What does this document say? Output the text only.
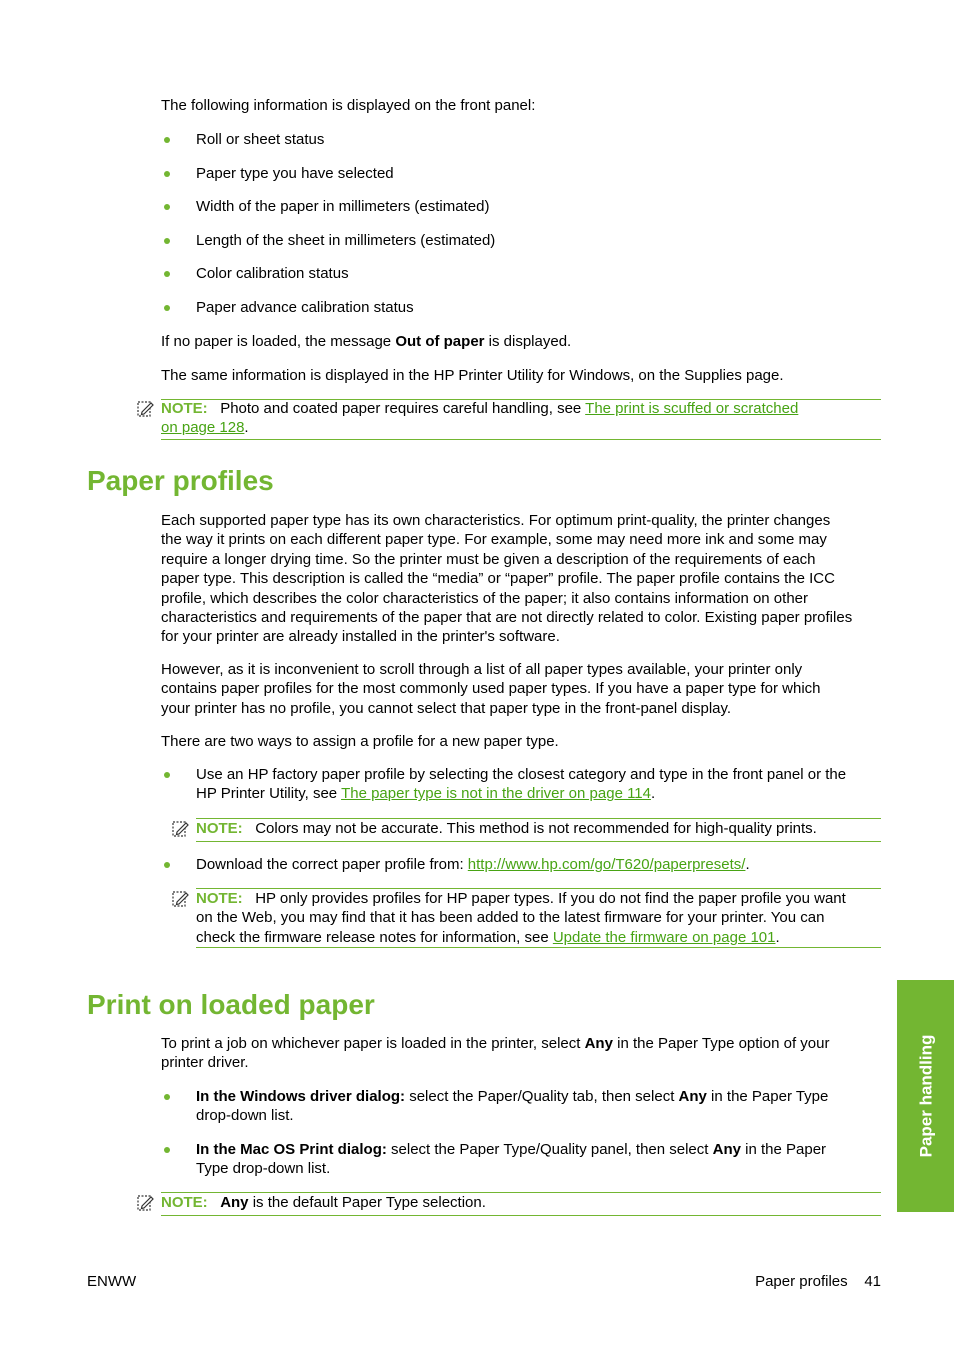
The following information is displayed on the front panel:

Roll or sheet status
Paper type you have selected
Width of the paper in millimeters (estimated)
Length of the sheet in millimeters (estimated)
Color calibration status
Paper advance calibration status

If no paper is loaded, the message Out of paper is displayed.

The same information is displayed in the HP Printer Utility for Windows, on the Supplies page.

NOTE: Photo and coated paper requires careful handling, see The print is scuffed or scratched
on page 128.
Paper profiles
Each supported paper type has its own characteristics. For optimum print-quality, the printer changes
the way it prints on each different paper type. For example, some may need more ink and some may
require a longer drying time. So the printer must be given a description of the requirements of each
paper type. This description is called the “media” or “paper” profile. The paper profile contains the ICC
profile, which describes the color characteristics of the paper; it also contains information on other
characteristics and requirements of the paper that are not directly related to color. Existing paper profiles
for your printer are already installed in the printer's software.
However, as it is inconvenient to scroll through a list of all paper types available, your printer only
contains paper profiles for the most commonly used paper types. If you have a paper type for which
your printer has no profile, you cannot select that paper type in the front-panel display.

There are two ways to assign a profile for a new paper type.

Use an HP factory paper profile by selecting the closest category and type in the front panel or the
HP Printer Utility, see The paper type is not in the driver on page 114.
NOTE: Colors may not be accurate. This method is not recommended for high-quality prints.
Download the correct paper profile from: http://www.hp.com/go/T620/paperpresets/.
NOTE: HP only provides profiles for HP paper types. If you do not find the paper profile you want
on the Web, you may find that it has been added to the latest firmware for your printer. You can
check the firmware release notes for information, see Update the firmware on page 101.
Print on loaded paper
To print a job on whichever paper is loaded in the printer, select Any in the Paper Type option of your
printer driver.
In the Windows driver dialog: select the Paper/Quality tab, then select Any in the Paper Type
drop-down list.
In the Mac OS Print dialog: select the Paper Type/Quality panel, then select Any in the Paper
Type drop-down list.
NOTE: Any is the default Paper Type selection.
Paper handling
ENWW	Paper profiles 41
